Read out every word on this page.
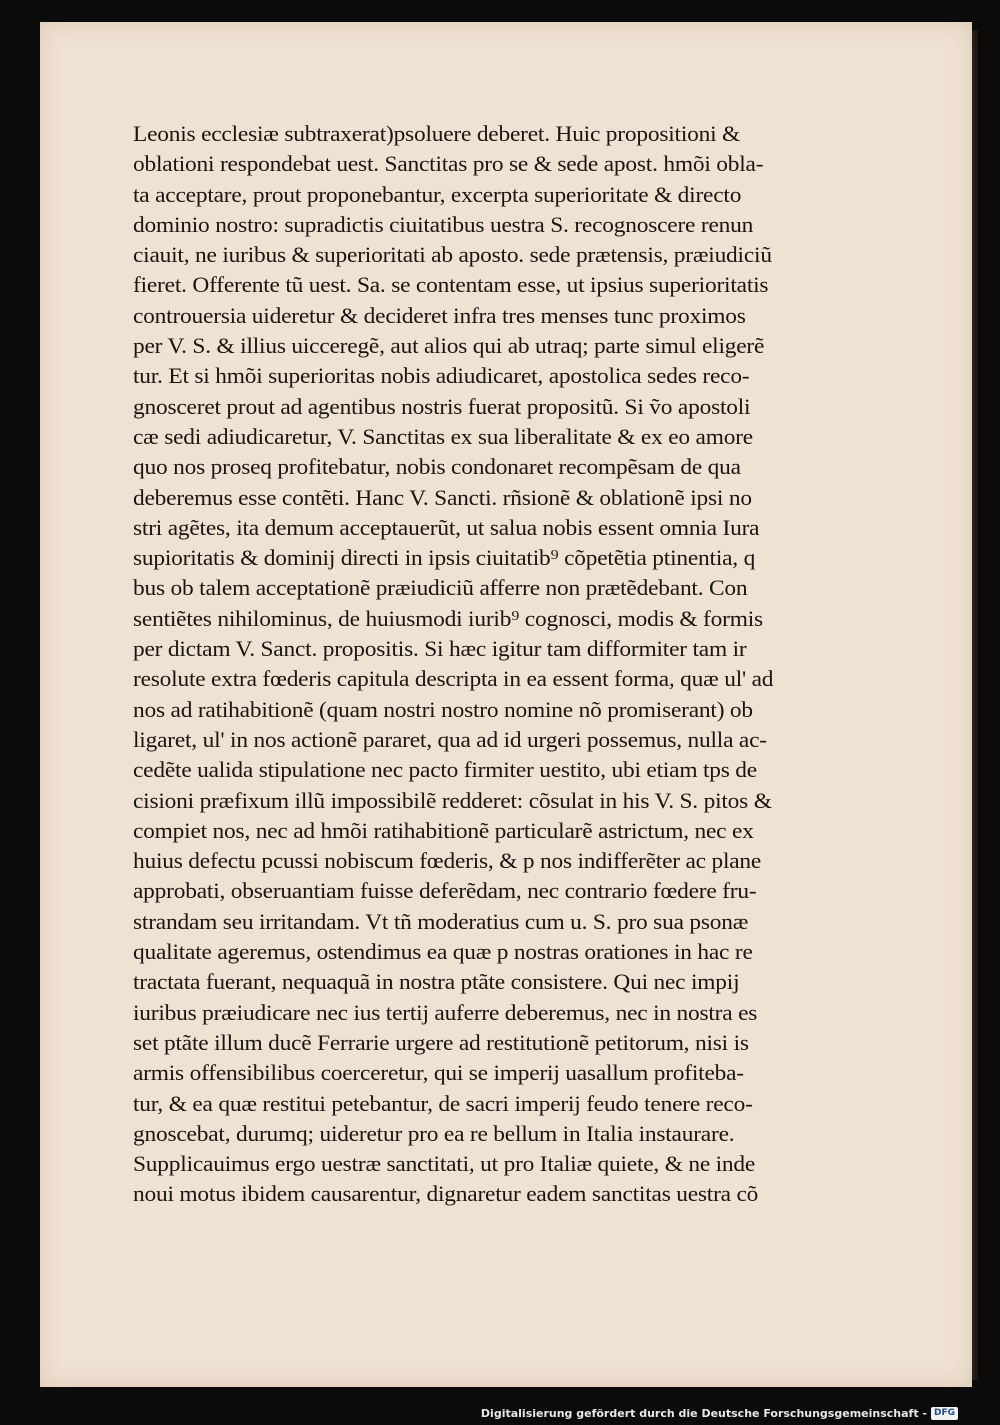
Leonis ecclesiæ subtraxerat)psoluere deberet. Huic propositioni &
oblationi respondebat uest. Sanctitas pro se & sede apost. hmõi obla-
ta acceptare, prout proponebantur, excerpta superioritate & directo
dominio nostro: supradictis ciuitatibus uestra S. recognoscere renun
ciauit, ne iuribus & superioritati ab aposto. sede prætensis, præiudiciũ
fieret. Offerente tũ uest. Sa. se contentam esse, ut ipsius superioritatis
controuersia uideretur & decideret infra tres menses tunc proximos
per V. S. & illius uicceregẽ, aut alios qui ab utraq; parte simul eligerẽ
tur. Et si hmõi superioritas nobis adiudicaret, apostolica sedes reco-
gnosceret prout ad agentibus nostris fuerat propositũ. Si ṽo apostoli
cæ sedi adiudicaretur, V. Sanctitas ex sua liberalitate & ex eo amore
quo nos proseq profitebatur, nobis condonaret recompẽsam de qua
deberemus esse contẽti. Hanc V. Sancti. rñsionẽ & oblationẽ ipsi no
stri agẽtes, ita demum acceptauerũt, ut salua nobis essent omnia Iura
supioritatis & dominij directi in ipsis ciuitatib⁹ cõpetẽtia ptinentia, q
bus ob talem acceptationẽ præiudiciũ afferre non prætẽdebant. Con
sentiẽtes nihilominus, de huiusmodi iurib⁹ cognosci, modis & formis
per dictam V. Sanct. propositis. Si hæc igitur tam difformiter tam ir
resolute extra fœderis capitula descripta in ea essent forma, quæ ul' ad
nos ad ratihabitionẽ (quam nostri nostro nomine nõ promiserant) ob
ligaret, ul' in nos actionẽ pararet, qua ad id urgeri possemus, nulla ac-
cedẽte ualida stipulatione nec pacto firmiter uestito, ubi etiam tps de
cisioni præfixum illũ impossibilẽ redderet: cõsulat in his V. S. pitos &
compiet nos, nec ad hmõi ratihabitionẽ particularẽ astrictum, nec ex
huius defectu pcussi nobiscum fœderis, & p nos indifferẽter ac plane
approbati, obseruantiam fuisse deferẽdam, nec contrario fœdere fru-
strandam seu irritandam. Vt tñ moderatius cum u. S. pro sua psonæ
qualitate ageremus, ostendimus ea quæ p nostras orationes in hac re
tractata fuerant, nequaquã in nostra ptãte consistere. Qui nec impij
iuribus præiudicare nec ius tertij auferre deberemus, nec in nostra es
set ptãte illum ducẽ Ferrarie urgere ad restitutionẽ petitorum, nisi is
armis offensibilibus coerceretur, qui se imperij uasallum profiteba-
tur, & ea quæ restitui petebantur, de sacri imperij feudo tenere reco-
gnoscebat, durumq; uideretur pro ea re bellum in Italia instaurare.
Supplicauimus ergo uestræ sanctitati, ut pro Italiæ quiete, & ne inde
noui motus ibidem causarentur, dignaretur eadem sanctitas uestra cõ
Digitalisierung gefördert durch die Deutsche Forschungsgemeinschaft - DFG
